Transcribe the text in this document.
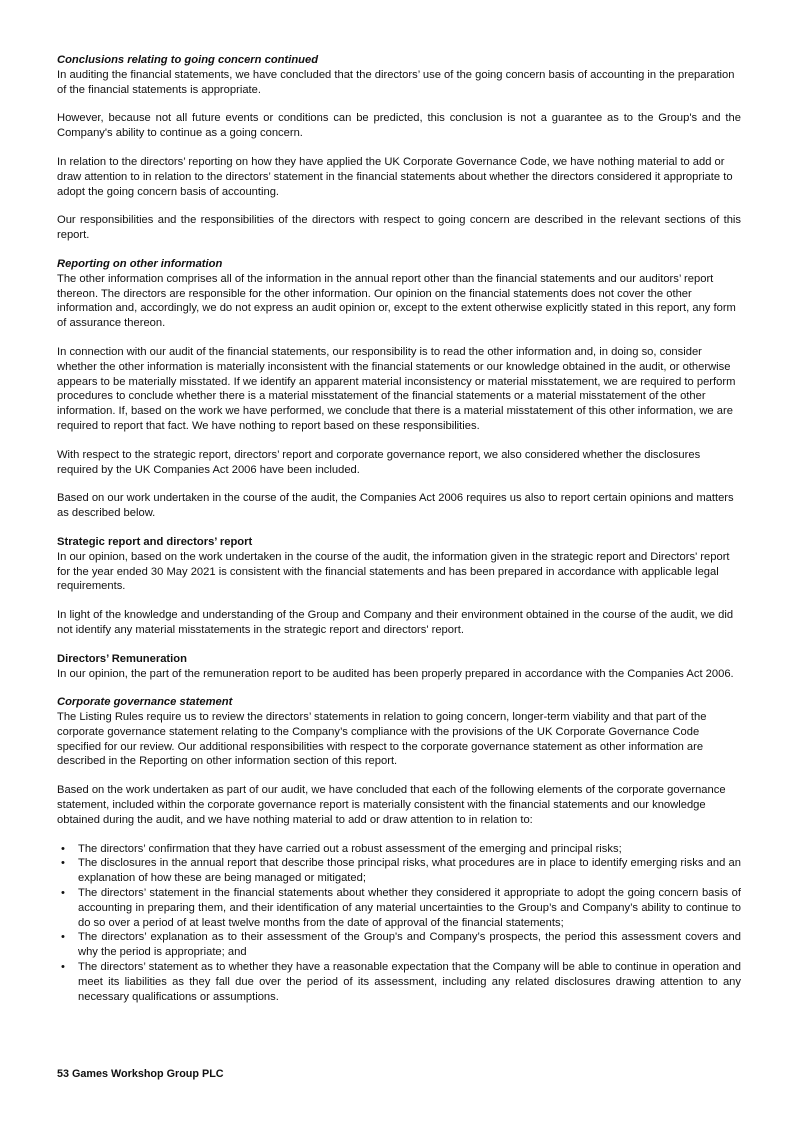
Conclusions relating to going concern continued

In auditing the financial statements, we have concluded that the directors’ use of the going concern basis of accounting in the preparation of the financial statements is appropriate.

However, because not all future events or conditions can be predicted, this conclusion is not a guarantee as to the Group's and the Company's ability to continue as a going concern.

In relation to the directors’ reporting on how they have applied the UK Corporate Governance Code, we have nothing material to add or draw attention to in relation to the directors’ statement in the financial statements about whether the directors considered it appropriate to adopt the going concern basis of accounting.

Our responsibilities and the responsibilities of the directors with respect to going concern are described in the relevant sections of this report.

Reporting on other information

The other information comprises all of the information in the annual report other than the financial statements and our auditors’ report thereon. The directors are responsible for the other information. Our opinion on the financial statements does not cover the other information and, accordingly, we do not express an audit opinion or, except to the extent otherwise explicitly stated in this report, any form of assurance thereon.

In connection with our audit of the financial statements, our responsibility is to read the other information and, in doing so, consider whether the other information is materially inconsistent with the financial statements or our knowledge obtained in the audit, or otherwise appears to be materially misstated. If we identify an apparent material inconsistency or material misstatement, we are required to perform procedures to conclude whether there is a material misstatement of the financial statements or a material misstatement of the other information. If, based on the work we have performed, we conclude that there is a material misstatement of this other information, we are required to report that fact. We have nothing to report based on these responsibilities.

With respect to the strategic report, directors’ report and corporate governance report, we also considered whether the disclosures required by the UK Companies Act 2006 have been included.

Based on our work undertaken in the course of the audit, the Companies Act 2006 requires us also to report certain opinions and matters as described below.

Strategic report and directors’ report

In our opinion, based on the work undertaken in the course of the audit, the information given in the strategic report and Directors' report for the year ended 30 May 2021 is consistent with the financial statements and has been prepared in accordance with applicable legal requirements.

In light of the knowledge and understanding of the Group and Company and their environment obtained in the course of the audit, we did not identify any material misstatements in the strategic report and directors' report.

Directors’ Remuneration

In our opinion, the part of the remuneration report to be audited has been properly prepared in accordance with the Companies Act 2006.

Corporate governance statement

The Listing Rules require us to review the directors’ statements in relation to going concern, longer-term viability and that part of the corporate governance statement relating to the Company’s compliance with the provisions of the UK Corporate Governance Code specified for our review. Our additional responsibilities with respect to the corporate governance statement as other information are described in the Reporting on other information section of this report.

Based on the work undertaken as part of our audit, we have concluded that each of the following elements of the corporate governance statement, included within the corporate governance report is materially consistent with the financial statements and our knowledge obtained during the audit, and we have nothing material to add or draw attention to in relation to:

• The directors’ confirmation that they have carried out a robust assessment of the emerging and principal risks;
• The disclosures in the annual report that describe those principal risks, what procedures are in place to identify emerging risks and an explanation of how these are being managed or mitigated;
• The directors’ statement in the financial statements about whether they considered it appropriate to adopt the going concern basis of accounting in preparing them, and their identification of any material uncertainties to the Group’s and Company’s ability to continue to do so over a period of at least twelve months from the date of approval of the financial statements;
• The directors’ explanation as to their assessment of the Group's and Company’s prospects, the period this assessment covers and why the period is appropriate; and
• The directors’ statement as to whether they have a reasonable expectation that the Company will be able to continue in operation and meet its liabilities as they fall due over the period of its assessment, including any related disclosures drawing attention to any necessary qualifications or assumptions.
53 Games Workshop Group PLC
